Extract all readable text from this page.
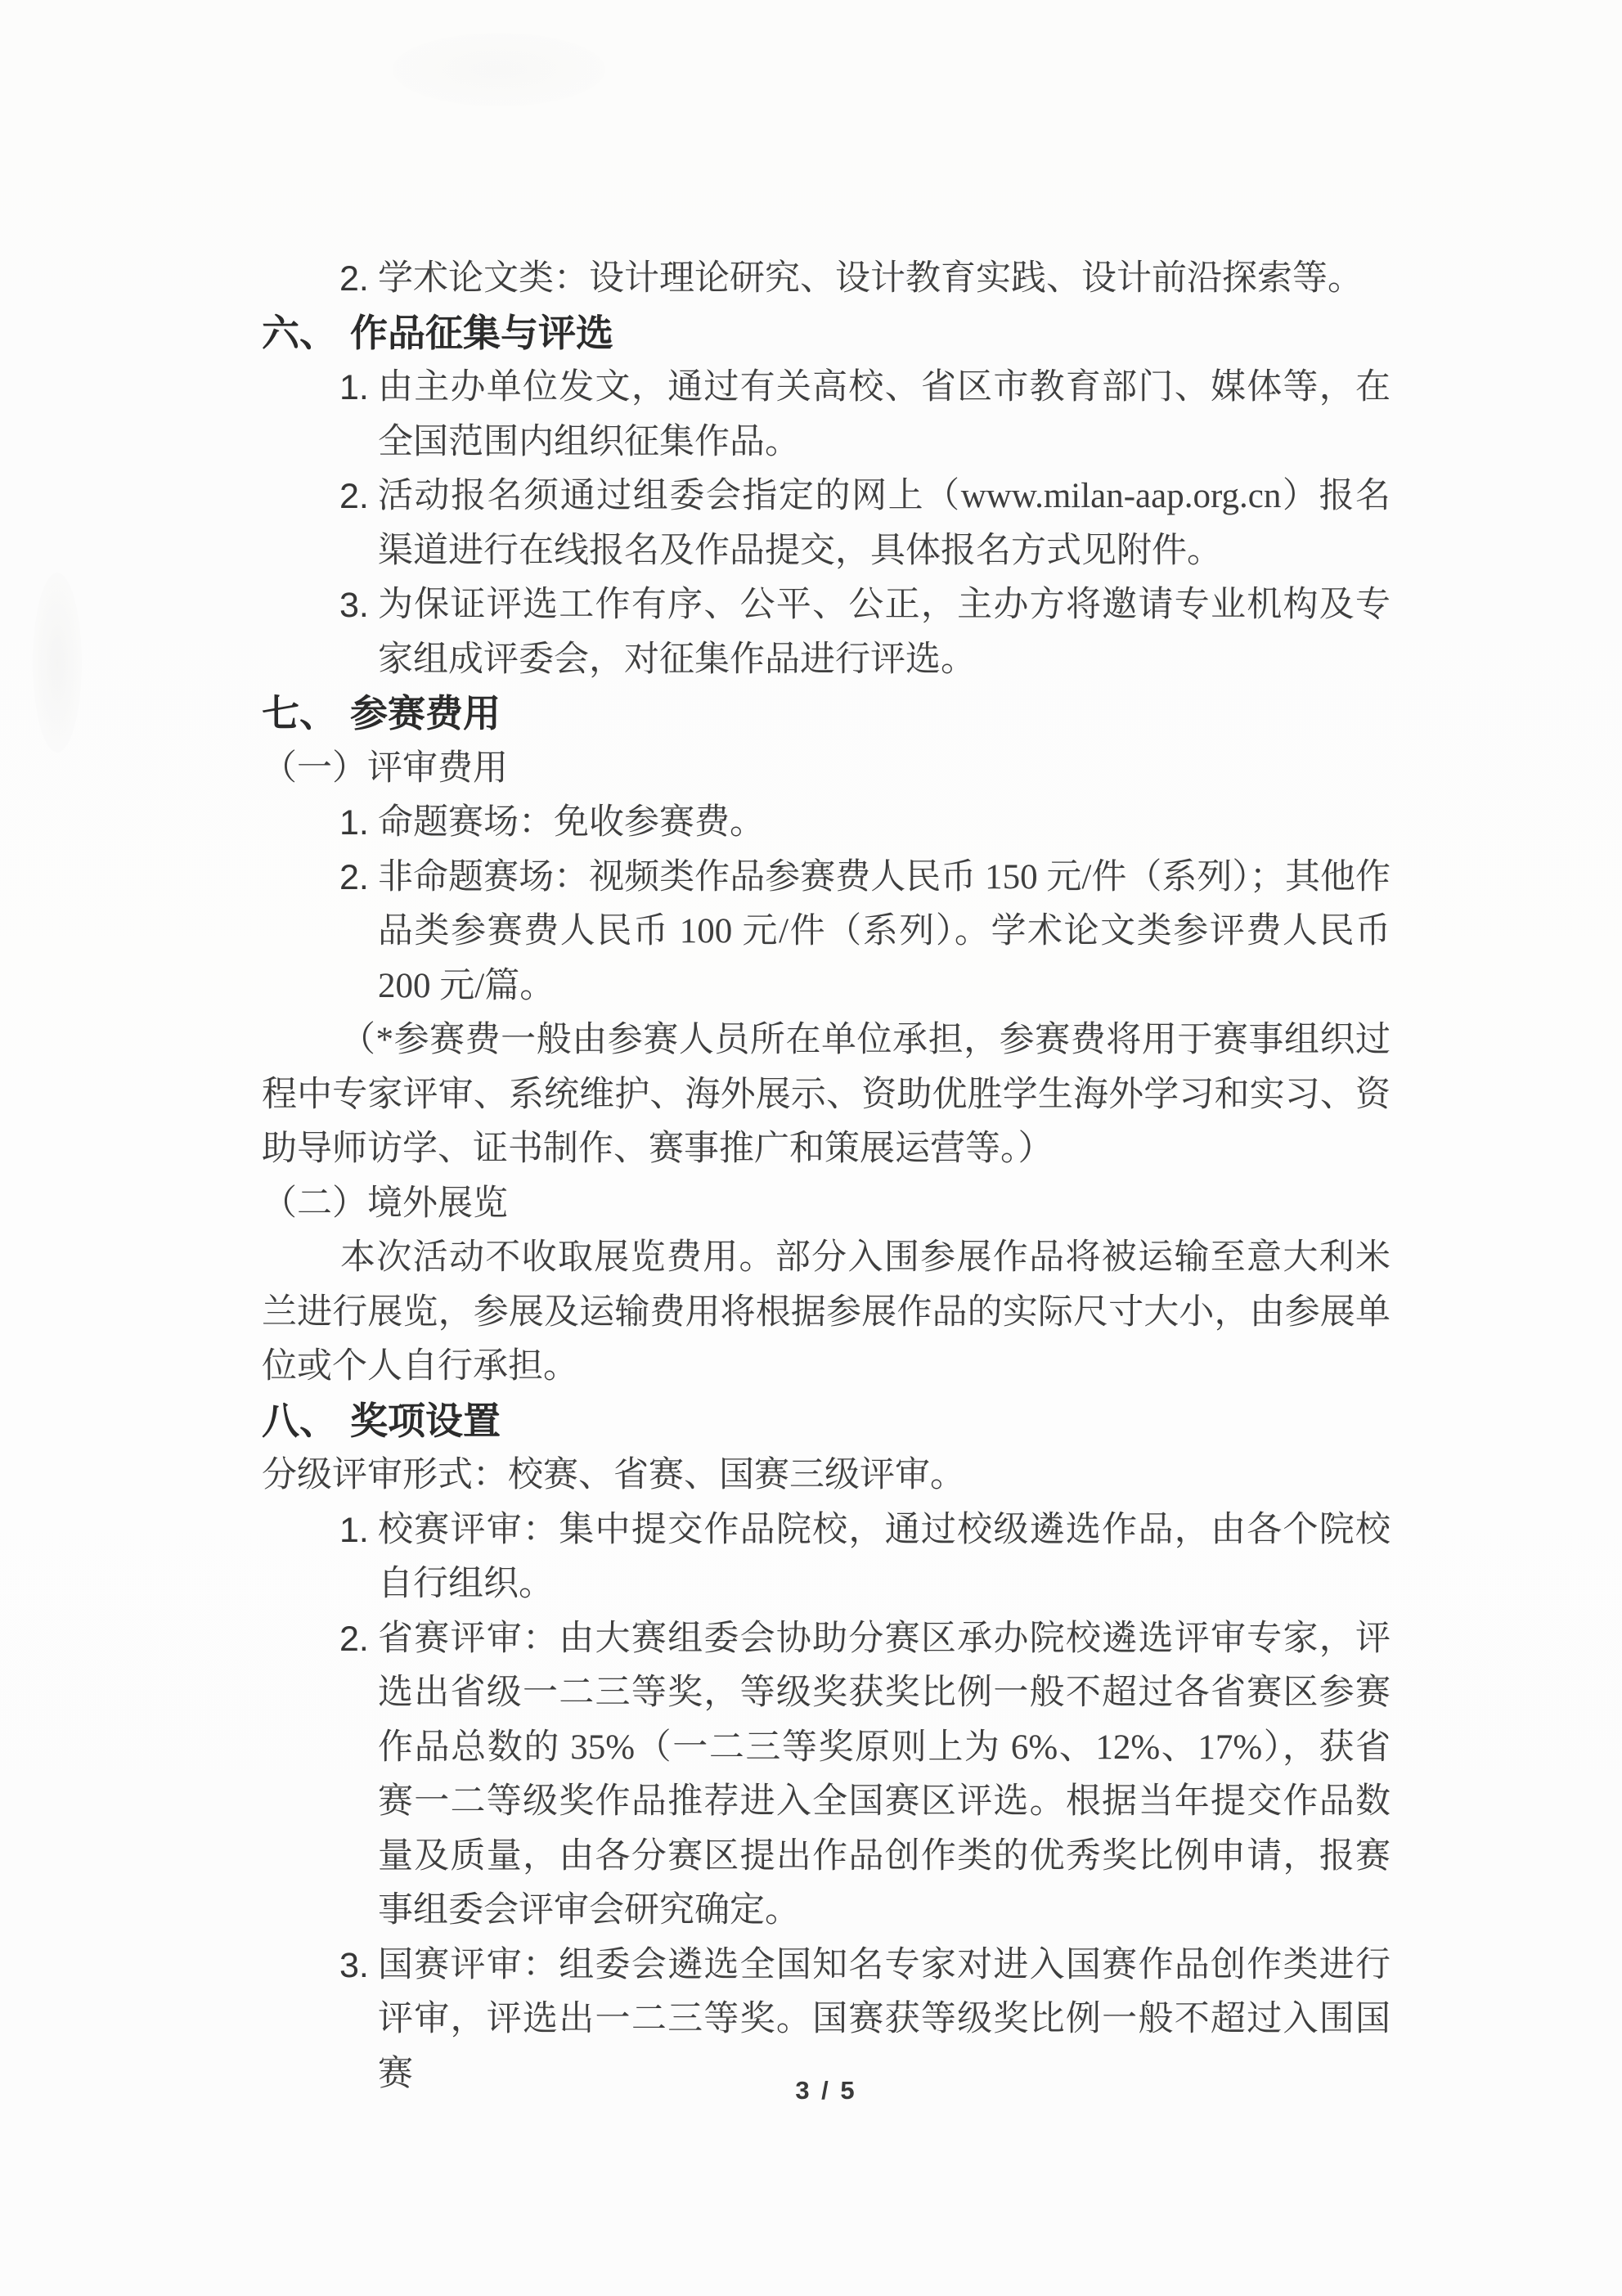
2. 学术论文类：设计理论研究、设计教育实践、设计前沿探索等。
六、 作品征集与评选
1. 由主办单位发文，通过有关高校、省区市教育部门、媒体等，在全国范围内组织征集作品。
2. 活动报名须通过组委会指定的网上（www.milan-aap.org.cn）报名渠道进行在线报名及作品提交，具体报名方式见附件。
3. 为保证评选工作有序、公平、公正，主办方将邀请专业机构及专家组成评委会，对征集作品进行评选。
七、 参赛费用
（一）评审费用
1. 命题赛场：免收参赛费。
2. 非命题赛场：视频类作品参赛费人民币 150 元/件（系列）；其他作品类参赛费人民币 100 元/件（系列）。学术论文类参评费人民币 200 元/篇。
（*参赛费一般由参赛人员所在单位承担，参赛费将用于赛事组织过程中专家评审、系统维护、海外展示、资助优胜学生海外学习和实习、资助导师访学、证书制作、赛事推广和策展运营等。）
（二）境外展览
本次活动不收取展览费用。部分入围参展作品将被运输至意大利米兰进行展览，参展及运输费用将根据参展作品的实际尺寸大小，由参展单位或个人自行承担。
八、 奖项设置
分级评审形式：校赛、省赛、国赛三级评审。
1. 校赛评审：集中提交作品院校，通过校级遴选作品，由各个院校自行组织。
2. 省赛评审：由大赛组委会协助分赛区承办院校遴选评审专家，评选出省级一二三等奖，等级奖获奖比例一般不超过各省赛区参赛作品总数的 35%（一二三等奖原则上为 6%、12%、17%），获省赛一二等级奖作品推荐进入全国赛区评选。根据当年提交作品数量及质量，由各分赛区提出作品创作类的优秀奖比例申请，报赛事组委会评审会研究确定。
3. 国赛评审：组委会遴选全国知名专家对进入国赛作品创作类进行评审，评选出一二三等奖。国赛获等级奖比例一般不超过入围国赛	3 / 5
